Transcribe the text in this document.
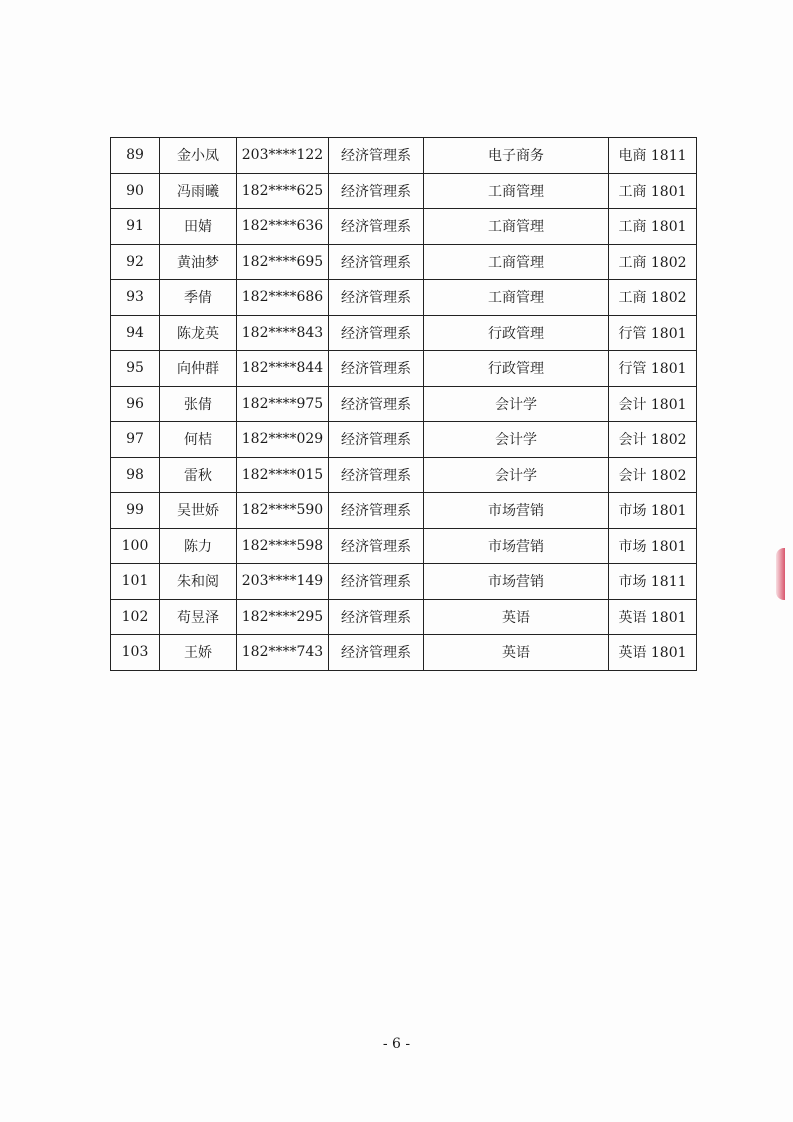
89	金小凤	203****122	经济管理系	电子商务	电商 1811
90	冯雨曦	182****625	经济管理系	工商管理	工商 1801
91	田婧	182****636	经济管理系	工商管理	工商 1801
92	黄油梦	182****695	经济管理系	工商管理	工商 1802
93	季倩	182****686	经济管理系	工商管理	工商 1802
94	陈龙英	182****843	经济管理系	行政管理	行管 1801
95	向仲群	182****844	经济管理系	行政管理	行管 1801
96	张倩	182****975	经济管理系	会计学	会计 1801
97	何桔	182****029	经济管理系	会计学	会计 1802
98	雷秋	182****015	经济管理系	会计学	会计 1802
99	吴世娇	182****590	经济管理系	市场营销	市场 1801
100	陈力	182****598	经济管理系	市场营销	市场 1801
101	朱和阅	203****149	经济管理系	市场营销	市场 1811
102	苟昱泽	182****295	经济管理系	英语	英语 1801
103	王娇	182****743	经济管理系	英语	英语 1801
- 6 -
